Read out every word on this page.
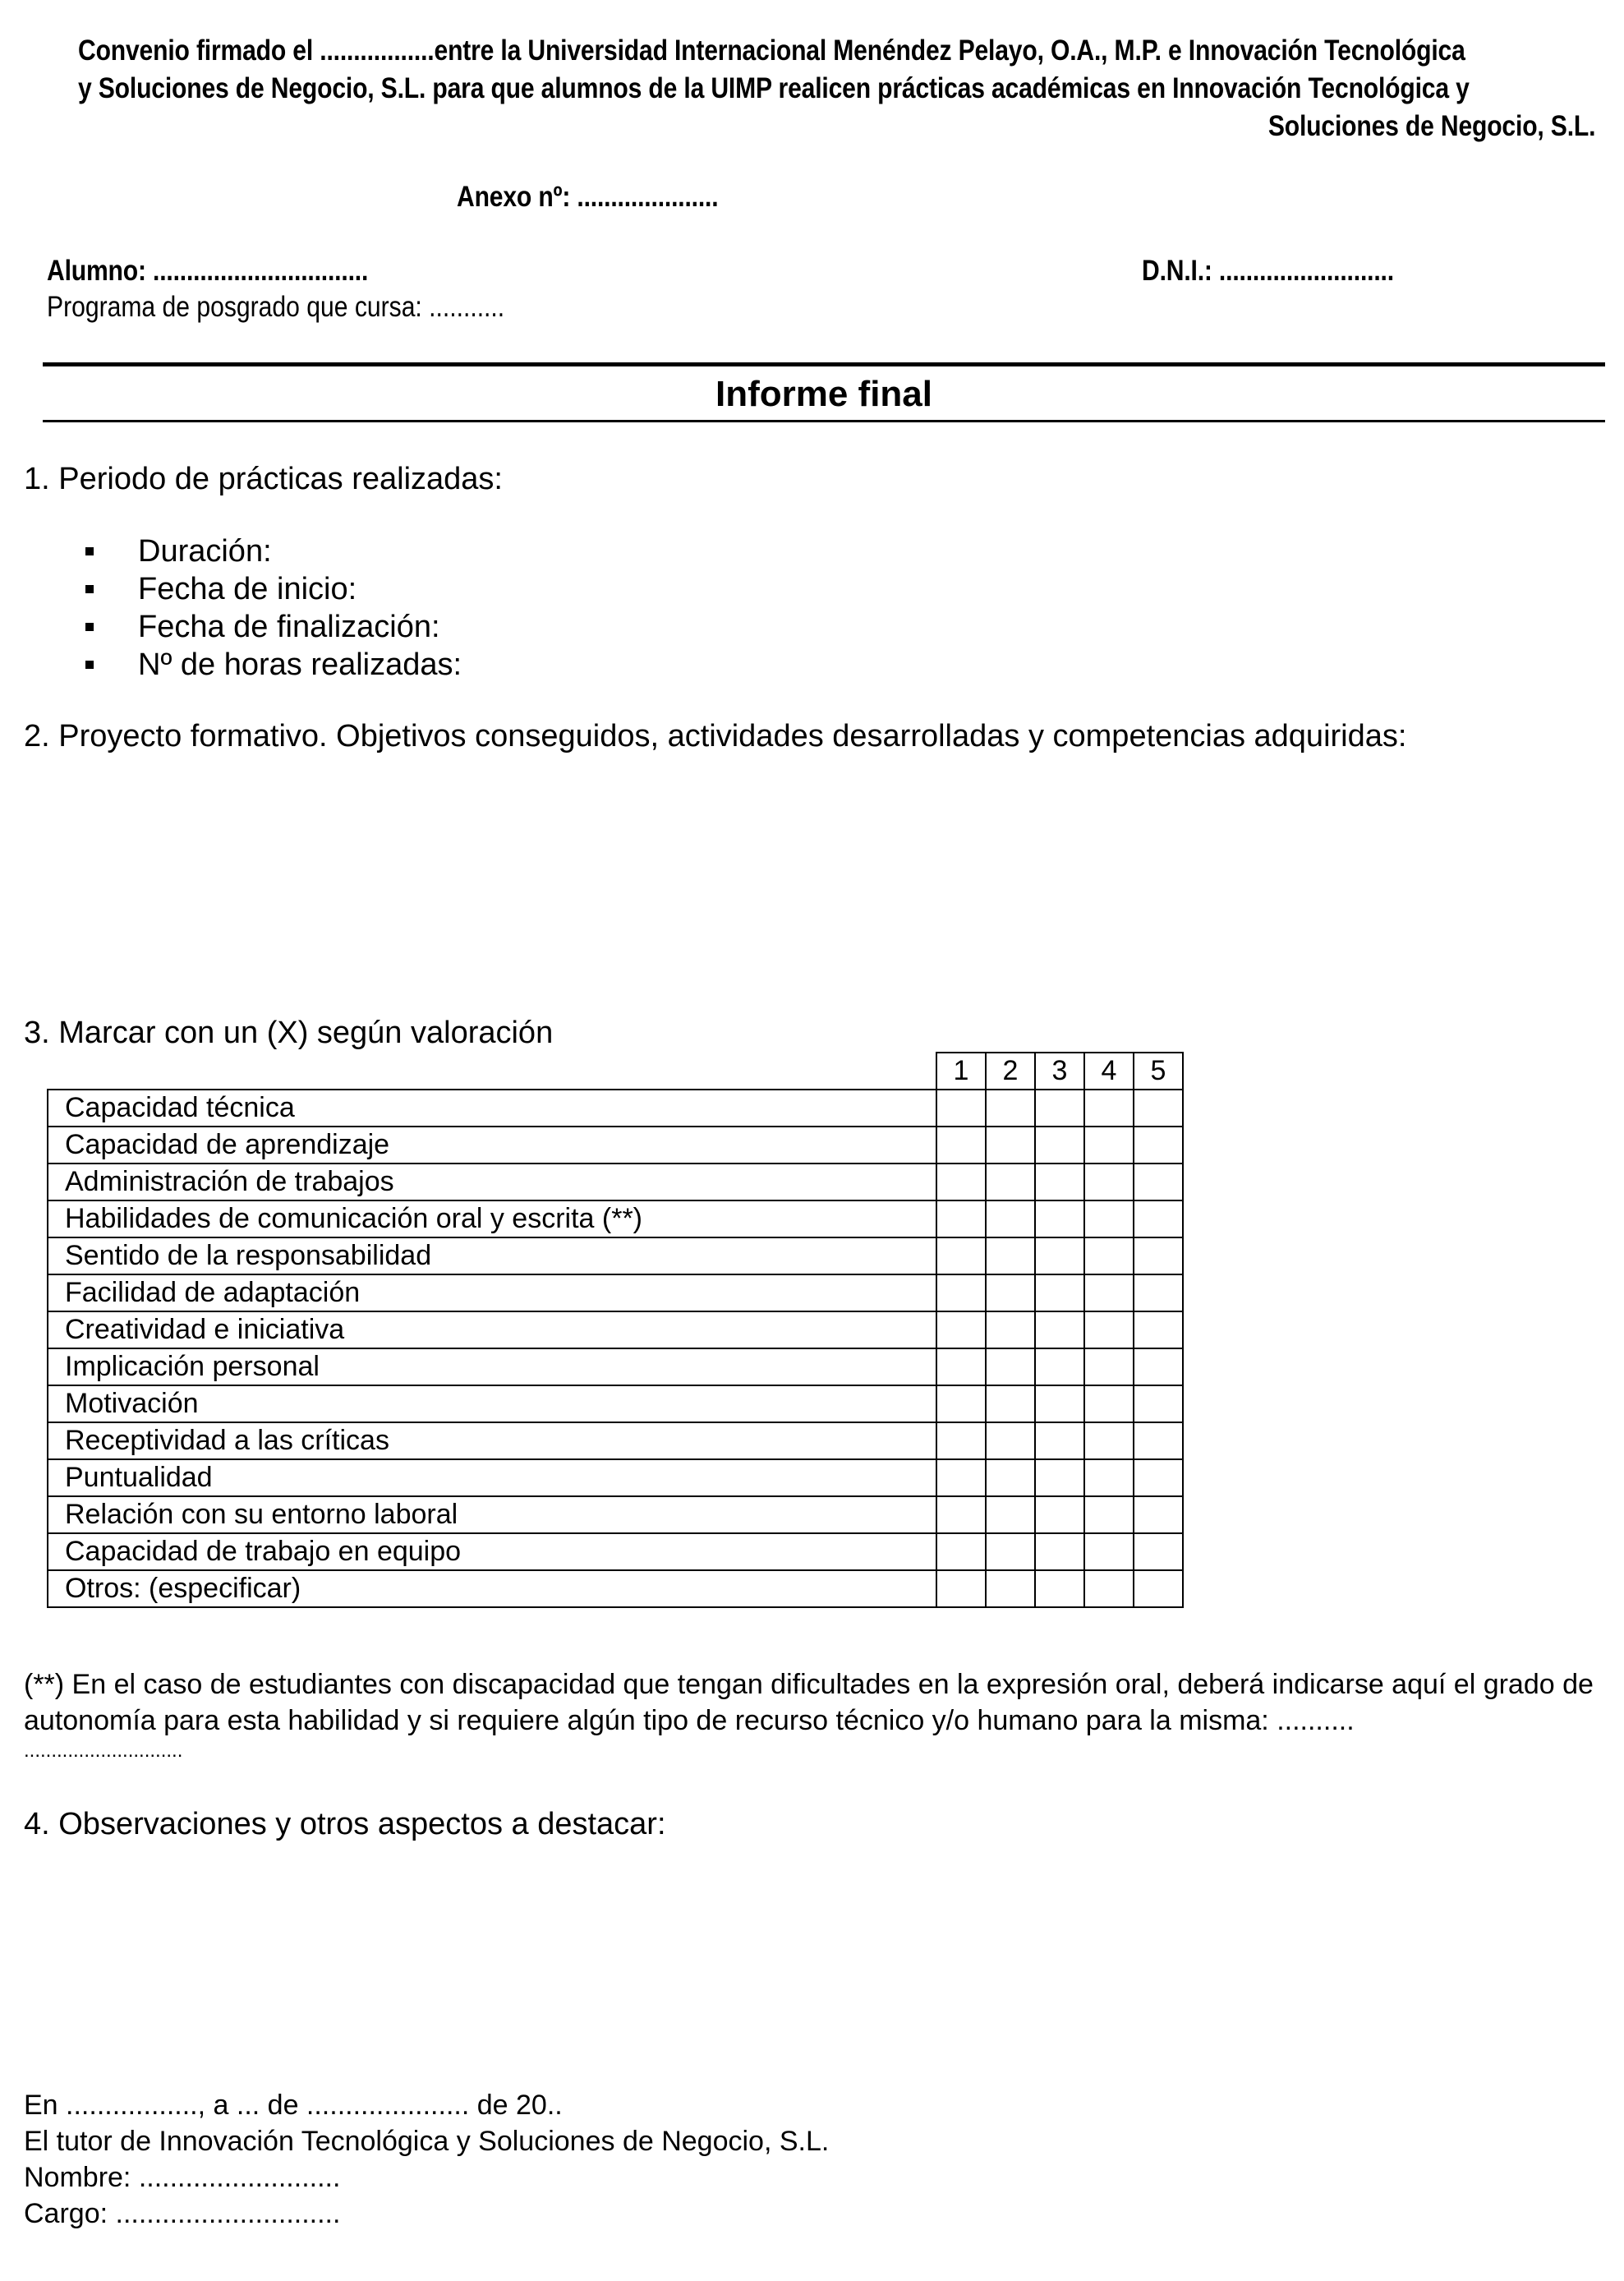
Convenio firmado el .................entre la Universidad Internacional Menéndez Pelayo, O.A., M.P. e Innovación Tecnológica
y Soluciones de Negocio, S.L. para que alumnos de la UIMP realicen prácticas académicas en Innovación Tecnológica y
Soluciones de Negocio, S.L.
Anexo nº: .....................
Alumno: ................................	D.N.I.: ..........................
Programa de posgrado que cursa: ...........
Informe final
1. Periodo de prácticas realizadas:
Duración:
Fecha de inicio:
Fecha de finalización:
Nº de horas realizadas:
2. Proyecto formativo. Objetivos conseguidos, actividades desarrolladas y competencias adquiridas:
3. Marcar con un (X) según valoración
	1	2	3	4	5
Capacidad técnica					
Capacidad de aprendizaje					
Administración de trabajos					
Habilidades de comunicación oral y escrita (**)					
Sentido de la responsabilidad					
Facilidad de adaptación					
Creatividad e iniciativa					
Implicación personal					
Motivación					
Receptividad a las críticas					
Puntualidad					
Relación con su entorno laboral					
Capacidad de trabajo en equipo					
Otros: (especificar)					
(**) En el caso de estudiantes con discapacidad que tengan dificultades en la expresión oral, deberá indicarse aquí el grado de
autonomía para esta habilidad y si requiere algún tipo de recurso técnico y/o humano para la misma: ..........
.............................
4. Observaciones y otros aspectos a destacar:
En ................., a ... de ..................... de 20..
El tutor de Innovación Tecnológica y Soluciones de Negocio, S.L.
Nombre: ..........................
Cargo: .............................
